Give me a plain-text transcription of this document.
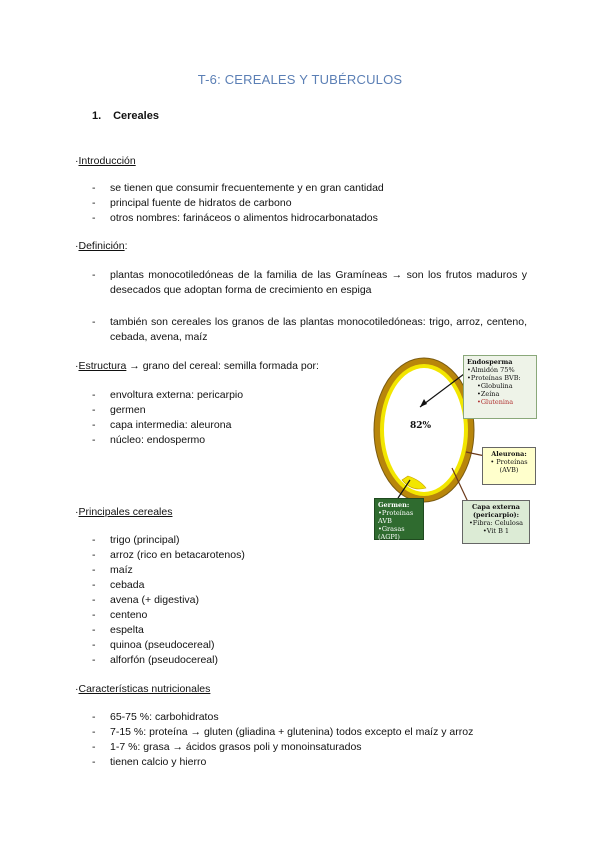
T-6: CEREALES Y TUBÉRCULOS
1. Cereales
·Introducción
- se tienen que consumir frecuentemente y en gran cantidad
- principal fuente de hidratos de carbono
- otros nombres: farináceos o alimentos hidrocarbonatados
·Definición:
- plantas monocotiledóneas de la familia de las Gramíneas → son los frutos maduros y desecados que adoptan forma de crecimiento en espiga
- también son cereales los granos de las plantas monocotiledóneas: trigo, arroz, centeno, cebada, avena, maíz
·Estructura → grano del cereal: semilla formada por:
- envoltura externa: pericarpio
- germen
- capa intermedia: aleurona
- núcleo: endospermo
82%
Endosperma
•Almidón 75%
•Proteínas BVB:
•Globulina
•Zeína
•Glutenina
Aleurona:
• Proteínas
(AVB)
Germen:
•Proteínas AVB
•Grasas (AGPI)
•Vit E
Capa externa (pericarpio):
•Fibra: Celulosa
•Vit B 1
·Principales cereales
- trigo (principal)
- arroz (rico en betacarotenos)
- maíz
- cebada
- avena (+ digestiva)
- centeno
- espelta
- quinoa (pseudocereal)
- alforfón (pseudocereal)
·Características nutricionales
- 65-75 %: carbohidratos
- 7-15 %: proteína → gluten (gliadina + glutenina) todos excepto el maíz y arroz
- 1-7 %: grasa → ácidos grasos poli y monoinsaturados
- tienen calcio y hierro
